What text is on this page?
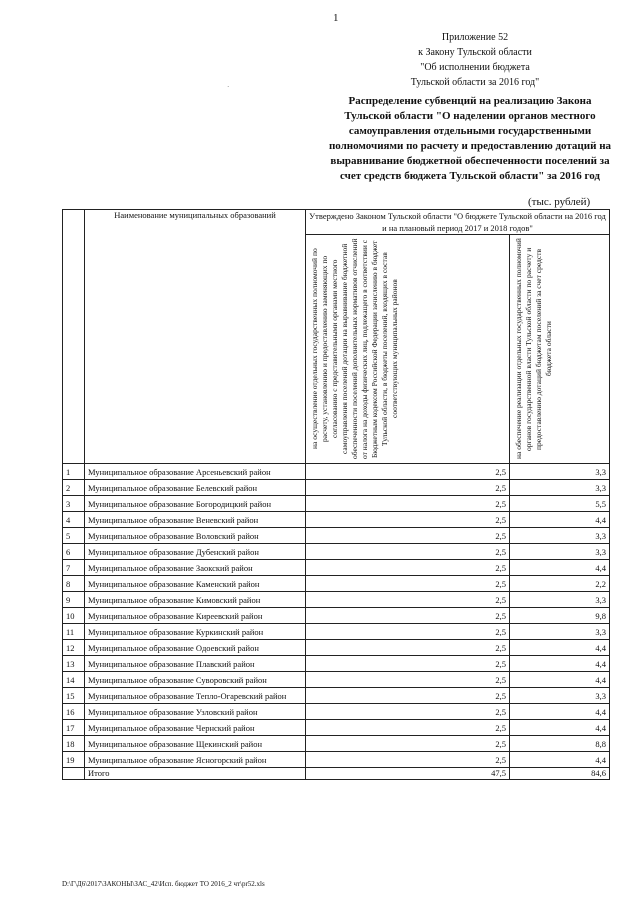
1
·
Приложение 52
к Закону Тульской области
"Об исполнении бюджета
Тульской области за 2016 год"
Распределение субвенций на реализацию Закона Тульской области "О наделении органов местного самоуправления отдельными государственными полномочиями по расчету и предоставлению дотаций на выравнивание бюджетной обеспеченности поселений за счет средств бюджета Тульской области" за 2016 год
(тыс. рублей)
	Наименование муниципальных образований	Утверждено Законом Тульской области "О бюджете Тульской области на 2016 год и на плановый период 2017 и 2018 годов"	

		на осуществление отдельных государственных полномочий по расчету, установлению и предоставлению заменяющих по согласованию с представительными органами местного самоуправления поселений дотации на выравнивание бюджетной обеспеченности поселений дополнительных нормативов отчислений от налога на доходы физических лиц, подлежащего в соответствии с Бюджетным кодексом Российской Федерации зачислению в бюджет Тульской области, в бюджеты поселений, входящих в состав соответствующих муниципальных районов	на обеспечение реализации отдельных государственных полномочий органов государственной власти Тульской области по расчету и предоставлению дотаций бюджетам поселений за счет средств бюджета области

1	Муниципальное образование Арсеньевский район	2,5	3,3
2	Муниципальное образование Белевский район	2,5	3,3
3	Муниципальное образование Богородицкий район	2,5	5,5
4	Муниципальное образование Веневский район	2,5	4,4
5	Муниципальное образование Воловский район	2,5	3,3
6	Муниципальное образование Дубенский район	2,5	3,3
7	Муниципальное образование Заокский район	2,5	4,4
8	Муниципальное образование Каменский район	2,5	2,2
9	Муниципальное образование Кимовский район	2,5	3,3
10	Муниципальное образование Киреевский район	2,5	9,8
11	Муниципальное образование Куркинский район	2,5	3,3
12	Муниципальное образование Одоевский район	2,5	4,4
13	Муниципальное образование Плавский район	2,5	4,4
14	Муниципальное образование Суворовский район	2,5	4,4
15	Муниципальное образование Тепло-Огаревский район	2,5	3,3
16	Муниципальное образование Узловский район	2,5	4,4
17	Муниципальное образование Чернский район	2,5	4,4
18	Муниципальное образование Щекинский район	2,5	8,8
19	Муниципальное образование Ясногорский район	2,5	4,4
	Итого	47,5	84,6
D:\Г\Д6\2017\ЗАКОНЫ\ЗАС_42\Исп. бюджет ТО 2016_2 чт\pr52.xls
